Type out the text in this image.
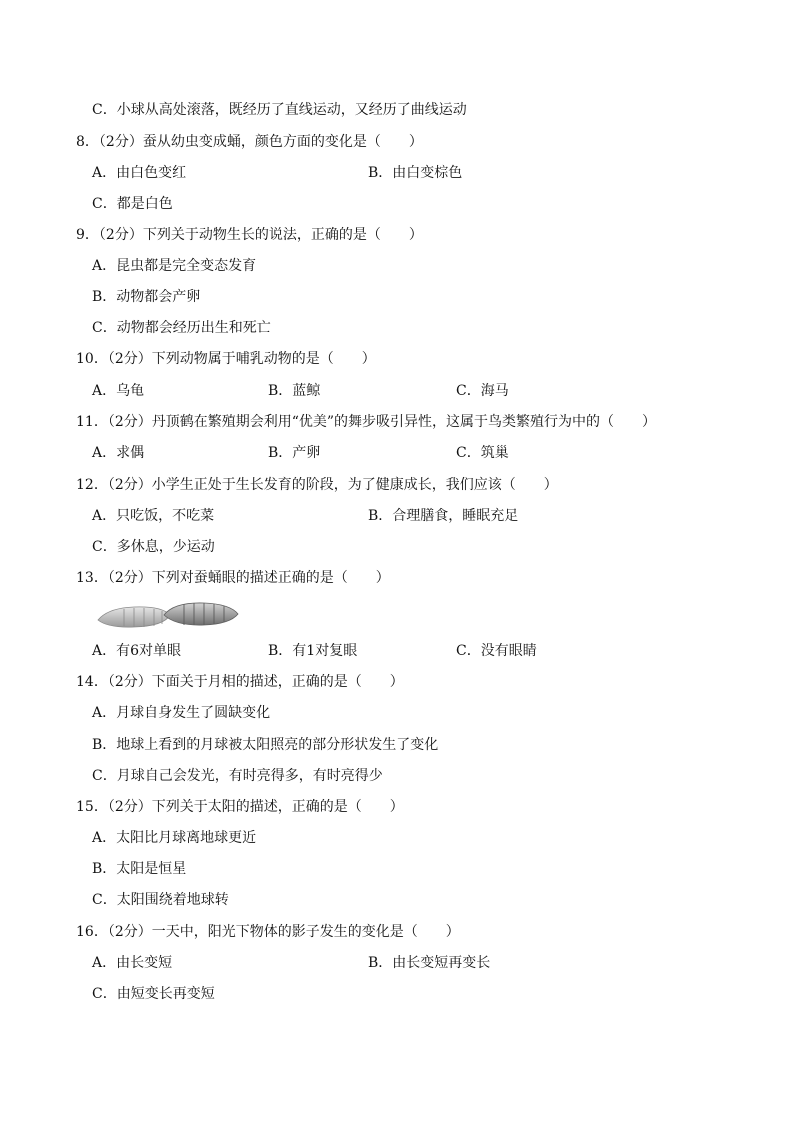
C．小球从高处滚落，既经历了直线运动，又经历了曲线运动
8．（2分）蚕从幼虫变成蛹，颜色方面的变化是（　　）
A．由白色变红	B．由白变棕色
C．都是白色
9．（2分）下列关于动物生长的说法，正确的是（　　）
A．昆虫都是完全变态发育
B．动物都会产卵
C．动物都会经历出生和死亡
10．（2分）下列动物属于哺乳动物的是（　　）
A．乌龟	B．蓝鲸	C．海马
11．（2分）丹顶鹤在繁殖期会利用“优美”的舞步吸引异性，这属于鸟类繁殖行为中的（　　）
A．求偶	B．产卵	C．筑巢
12．（2分）小学生正处于生长发育的阶段，为了健康成长，我们应该（　　）
A．只吃饭，不吃菜	B．合理膳食，睡眠充足
C．多休息，少运动
13．（2分）下列对蚕蛹眼的描述正确的是（　　）
A．有6对单眼	B．有1对复眼	C．没有眼睛
14．（2分）下面关于月相的描述，正确的是（　　）
A．月球自身发生了圆缺变化
B．地球上看到的月球被太阳照亮的部分形状发生了变化
C．月球自己会发光，有时亮得多，有时亮得少
15．（2分）下列关于太阳的描述，正确的是（　　）
A．太阳比月球离地球更近
B．太阳是恒星
C．太阳围绕着地球转
16．（2分）一天中，阳光下物体的影子发生的变化是（　　）
A．由长变短	B．由长变短再变长
C．由短变长再变短
